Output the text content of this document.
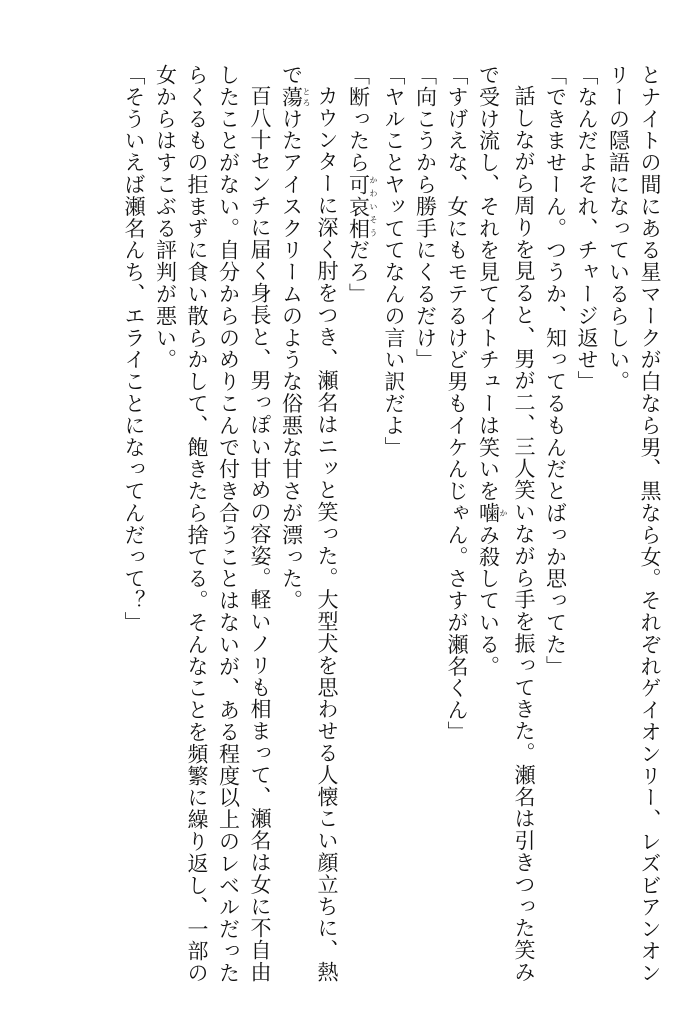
とナイトの間にある星マークが白なら男、黒なら女。それぞれゲイオンリー、レズビアンオン
リーの隠語になっているらしい。
「なんだよそれ、チャージ返せ」
「できませーん。つうか、知ってるもんだとばっか思ってた」
話しながら周りを見ると、男が二、三人笑いながら手を振ってきた。瀬名は引きつった笑み
で受け流し、それを見てイトチューは笑いを噛かみ殺している。
「すげえな、女にもモテるけど男もイケんじゃん。さすが瀬名くん」
「向こうから勝手にくるだけ」
「ヤルことヤッててなんの言い訳だよ」
「断ったら可哀相かわいそうだろ」
カウンターに深く肘をつき、瀬名はニッと笑った。大型犬を思わせる人懐こい顔立ちに、熱
で蕩とろけたアイスクリームのような俗悪な甘さが漂った。
百八十センチに届く身長と、男っぽい甘めの容姿。軽いノリも相まって、瀬名は女に不自由
したことがない。自分からのめりこんで付き合うことはないが、ある程度以上のレベルだった
らくるもの拒まずに食い散らかして、飽きたら捨てる。そんなことを頻繁に繰り返し、一部の
女からはすこぶる評判が悪い。
「そういえば瀬名んち、エライことになってんだって？」
